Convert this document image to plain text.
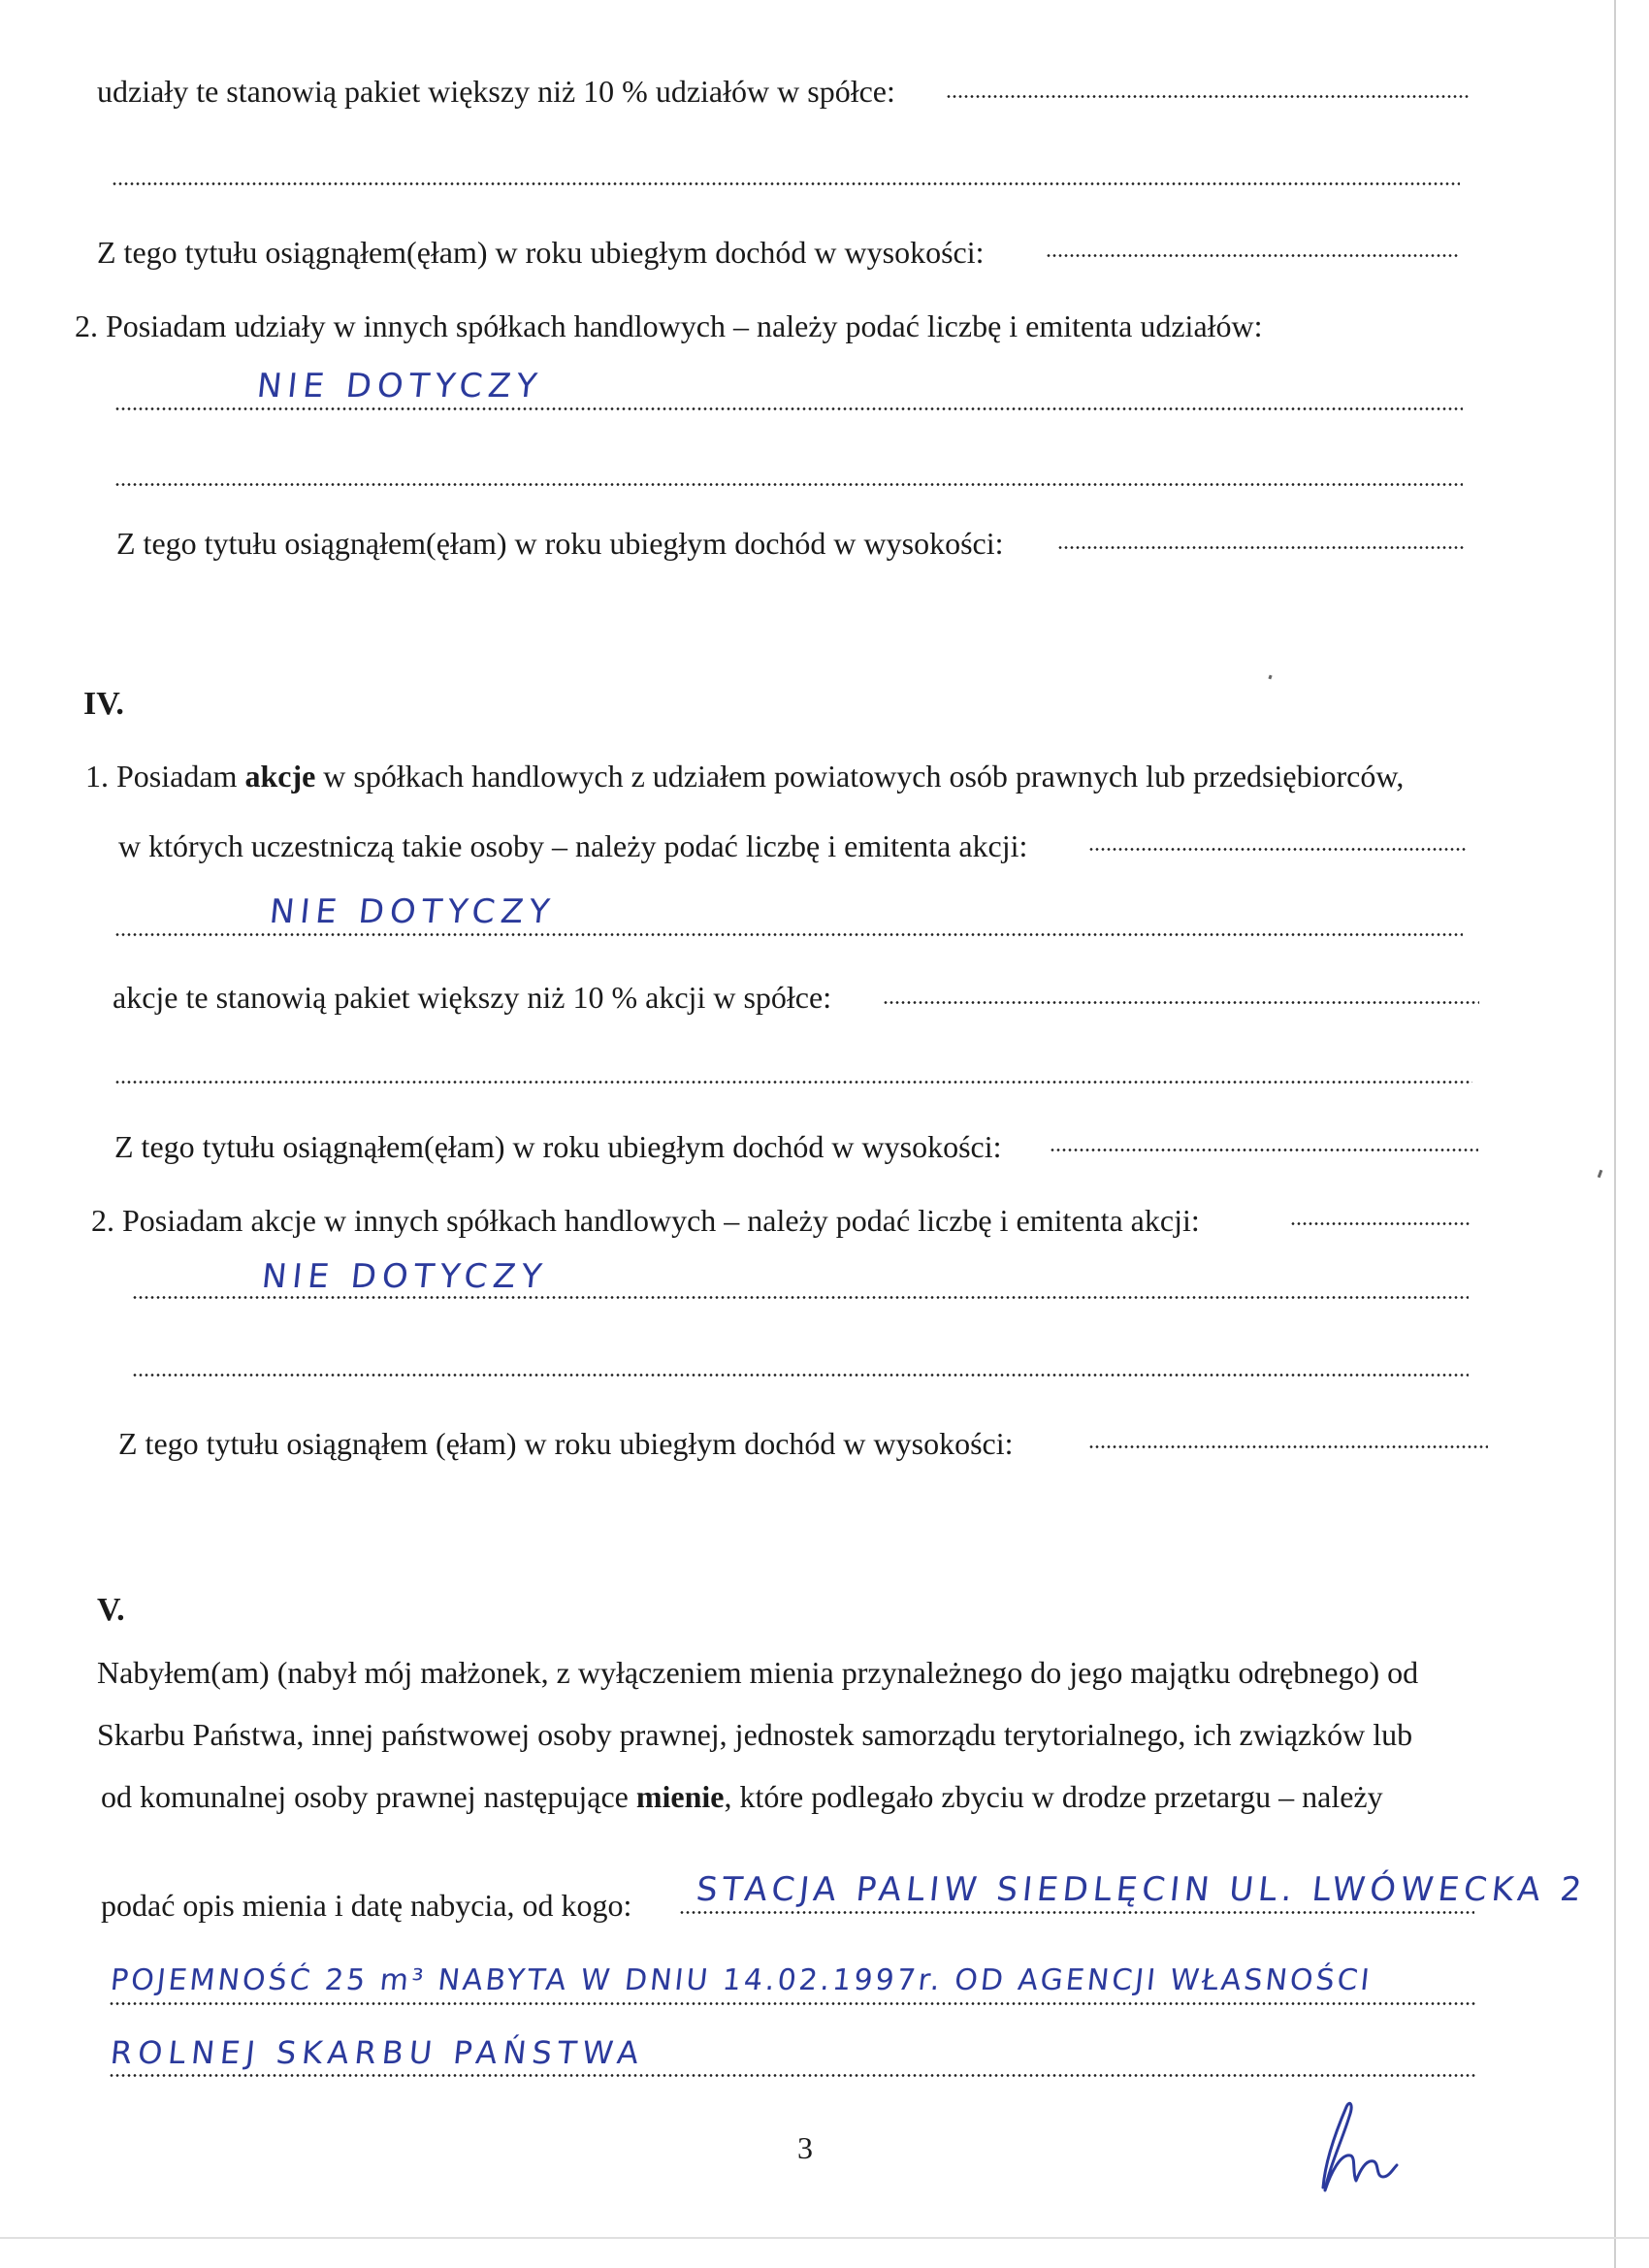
udziały te stanowią pakiet większy niż 10 % udziałów w spółce:
Z tego tytułu osiągnąłem(ęłam) w roku ubiegłym dochód w wysokości:
2. Posiadam udziały w innych spółkach handlowych – należy podać liczbę i emitenta udziałów:
NIE DOTYCZY
Z tego tytułu osiągnąłem(ęłam) w roku ubiegłym dochód w wysokości:
IV.
1. Posiadam akcje w spółkach handlowych z udziałem powiatowych osób prawnych lub przedsiębiorców,
w których uczestniczą takie osoby – należy podać liczbę i emitenta akcji:
NIE DOTYCZY
akcje te stanowią pakiet większy niż 10 % akcji w spółce:
Z tego tytułu osiągnąłem(ęłam) w roku ubiegłym dochód w wysokości:
2. Posiadam akcje w innych spółkach handlowych – należy podać liczbę i emitenta akcji:
NIE DOTYCZY
Z tego tytułu osiągnąłem (ęłam) w roku ubiegłym dochód w wysokości:
V.
Nabyłem(am) (nabył mój małżonek, z wyłączeniem mienia przynależnego do jego majątku odrębnego) od
Skarbu Państwa, innej państwowej osoby prawnej, jednostek samorządu terytorialnego, ich związków lub
od komunalnej osoby prawnej następujące mienie, które podlegało zbyciu w drodze przetargu – należy
podać opis mienia i datę nabycia, od kogo: STACJA PALIW SIEDLĘCIN UL. LWÓWECKA 2
POJEMNOŚĆ 25 m³ NABYTA W DNIU 14.02.1997r. OD AGENCJI WŁASNOŚCI
ROLNEJ SKARBU PAŃSTWA
3
